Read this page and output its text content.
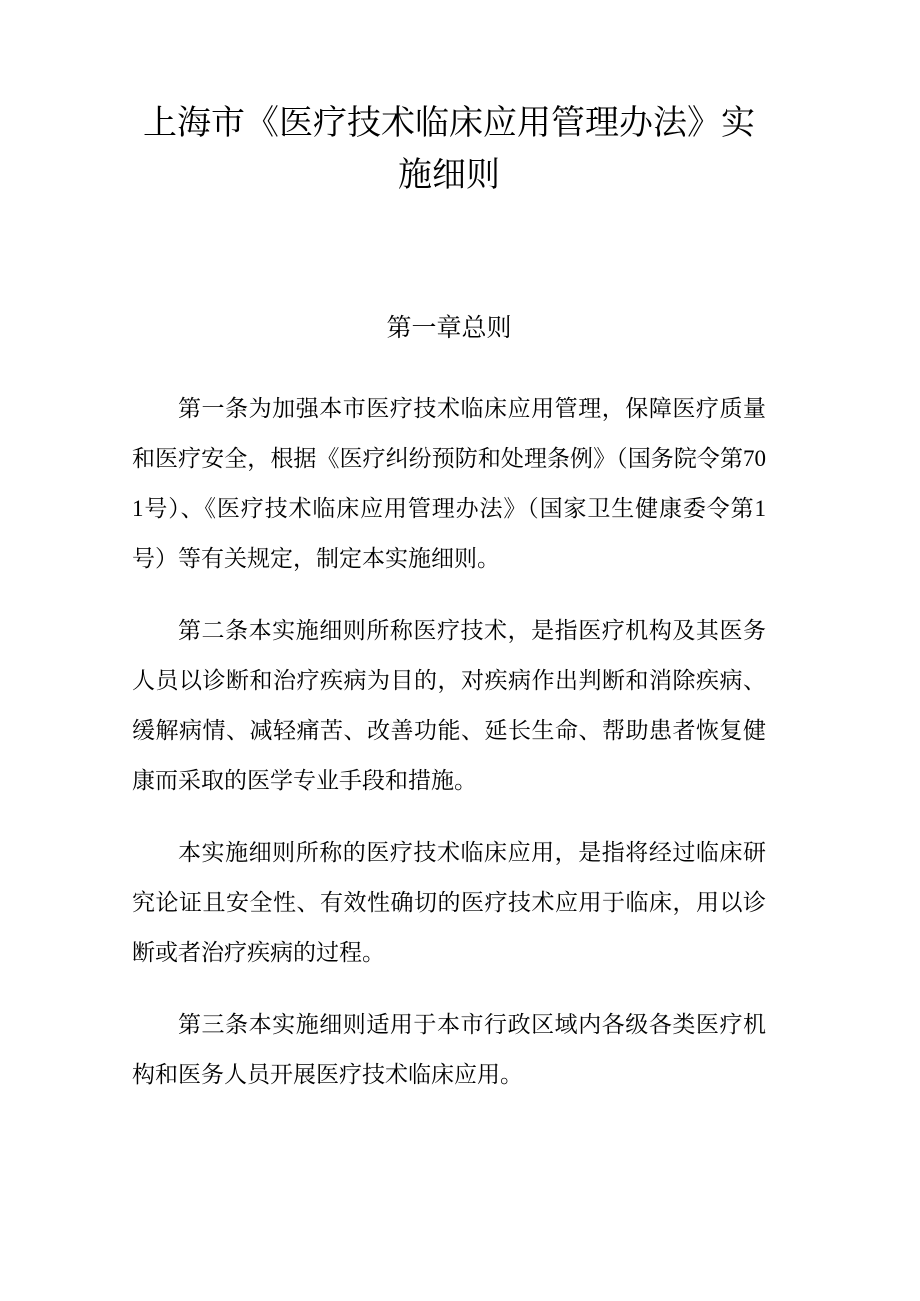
上海市《医疗技术临床应用管理办法》实
施细则
第一章总则

第一条为加强本市医疗技术临床应用管理，保障医疗质量和医疗安全，根据《医疗纠纷预防和处理条例》（国务院令第701号）、《医疗技术临床应用管理办法》（国家卫生健康委令第1号）等有关规定，制定本实施细则。

第二条本实施细则所称医疗技术，是指医疗机构及其医务人员以诊断和治疗疾病为目的，对疾病作出判断和消除疾病、缓解病情、减轻痛苦、改善功能、延长生命、帮助患者恢复健康而采取的医学专业手段和措施。

本实施细则所称的医疗技术临床应用，是指将经过临床研究论证且安全性、有效性确切的医疗技术应用于临床，用以诊断或者治疗疾病的过程。

第三条本实施细则适用于本市行政区域内各级各类医疗机构和医务人员开展医疗技术临床应用。
